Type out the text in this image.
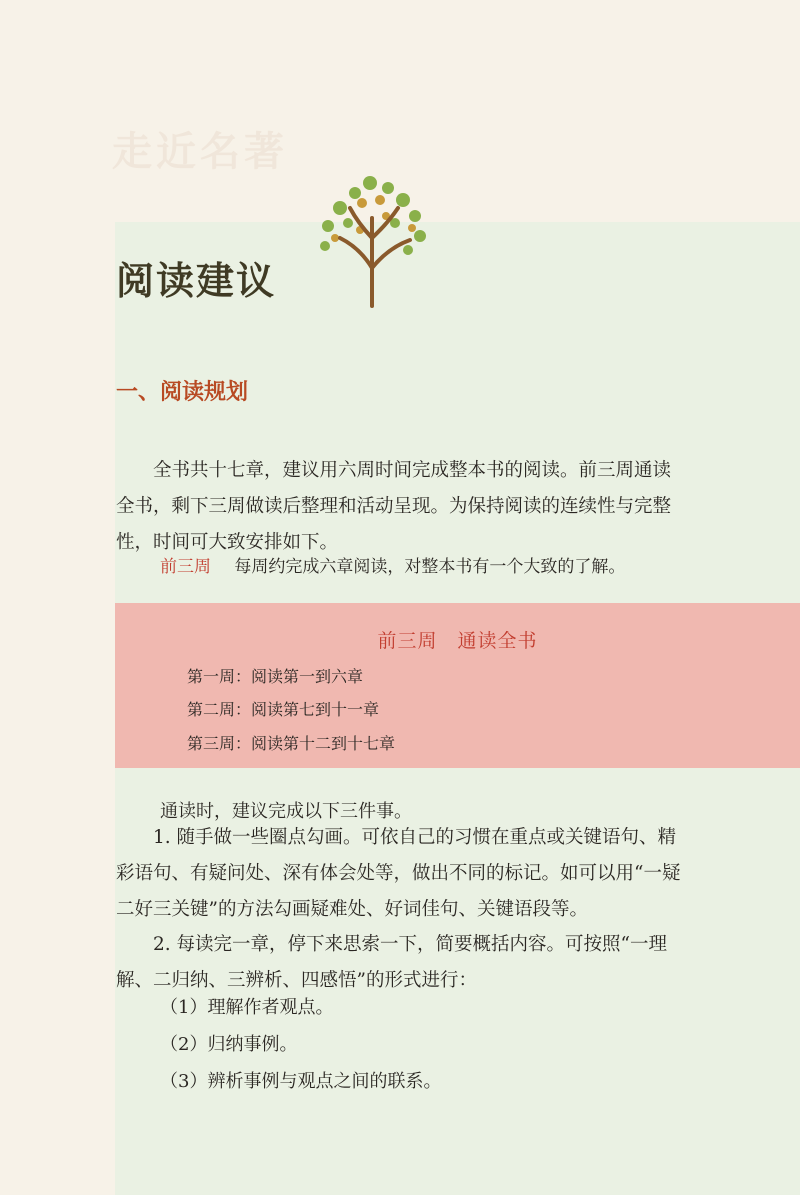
走近名著
阅读建议
一、阅读规划
全书共十七章，建议用六周时间完成整本书的阅读。前三周通读全书，剩下三周做读后整理和活动呈现。为保持阅读的连续性与完整性，时间可大致安排如下。
前三周 每周约完成六章阅读，对整本书有一个大致的了解。
前三周　通读全书
第一周：阅读第一到六章
第二周：阅读第七到十一章
第三周：阅读第十二到十七章
通读时，建议完成以下三件事。
1. 随手做一些圈点勾画。可依自己的习惯在重点或关键语句、精彩语句、有疑问处、深有体会处等，做出不同的标记。如可以用“一疑二好三关键”的方法勾画疑难处、好词佳句、关键语段等。
2. 每读完一章，停下来思索一下，简要概括内容。可按照“一理解、二归纳、三辨析、四感悟”的形式进行：
（1）理解作者观点。
（2）归纳事例。
（3）辨析事例与观点之间的联系。
